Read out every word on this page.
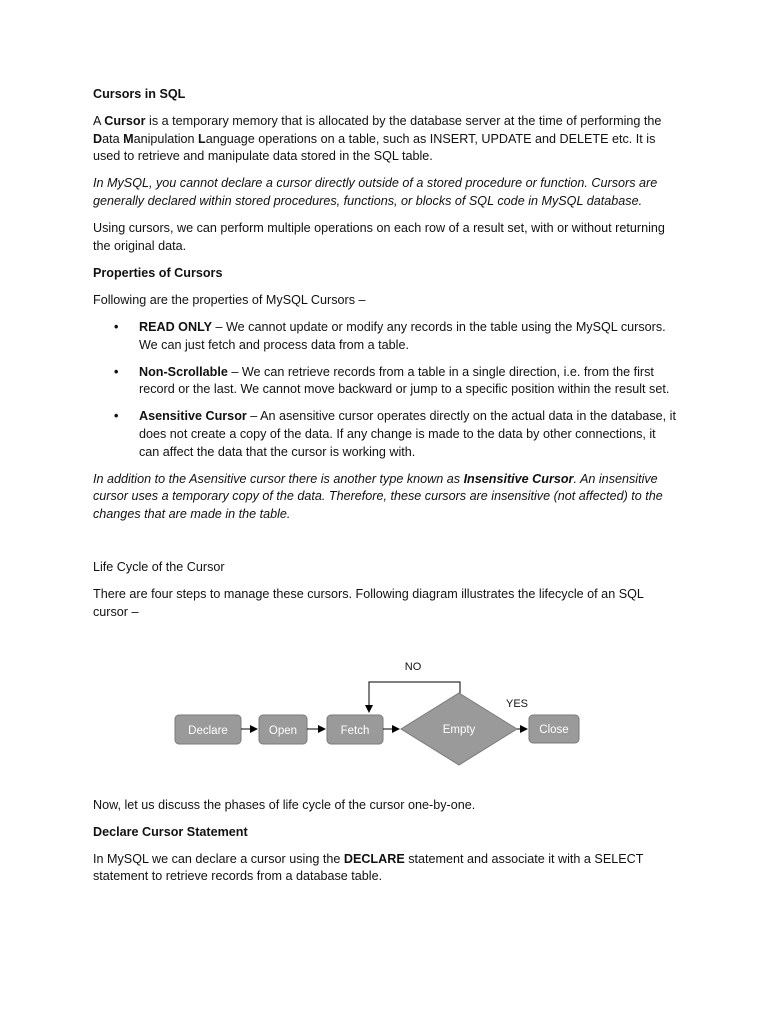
Cursors in SQL

A Cursor is a temporary memory that is allocated by the database server at the time of performing the Data Manipulation Language operations on a table, such as INSERT, UPDATE and DELETE etc. It is used to retrieve and manipulate data stored in the SQL table.

In MySQL, you cannot declare a cursor directly outside of a stored procedure or function. Cursors are generally declared within stored procedures, functions, or blocks of SQL code in MySQL database.

Using cursors, we can perform multiple operations on each row of a result set, with or without returning the original data.

Properties of Cursors

Following are the properties of MySQL Cursors –

• READ ONLY – We cannot update or modify any records in the table using the MySQL cursors. We can just fetch and process data from a table.
• Non-Scrollable – We can retrieve records from a table in a single direction, i.e. from the first record or the last. We cannot move backward or jump to a specific position within the result set.
• Asensitive Cursor – An asensitive cursor operates directly on the actual data in the database, it does not create a copy of the data. If any change is made to the data by other connections, it can affect the data that the cursor is working with.

In addition to the Asensitive cursor there is another type known as Insensitive Cursor. An insensitive cursor uses a temporary copy of the data. Therefore, these cursors are insensitive (not affected) to the changes that are made in the table.

Life Cycle of the Cursor

There are four steps to manage these cursors. Following diagram illustrates the lifecycle of an SQL cursor –

NO
YES
Declare	Open	Fetch	Empty	Close

Now, let us discuss the phases of life cycle of the cursor one-by-one.

Declare Cursor Statement

In MySQL we can declare a cursor using the DECLARE statement and associate it with a SELECT statement to retrieve records from a database table.
